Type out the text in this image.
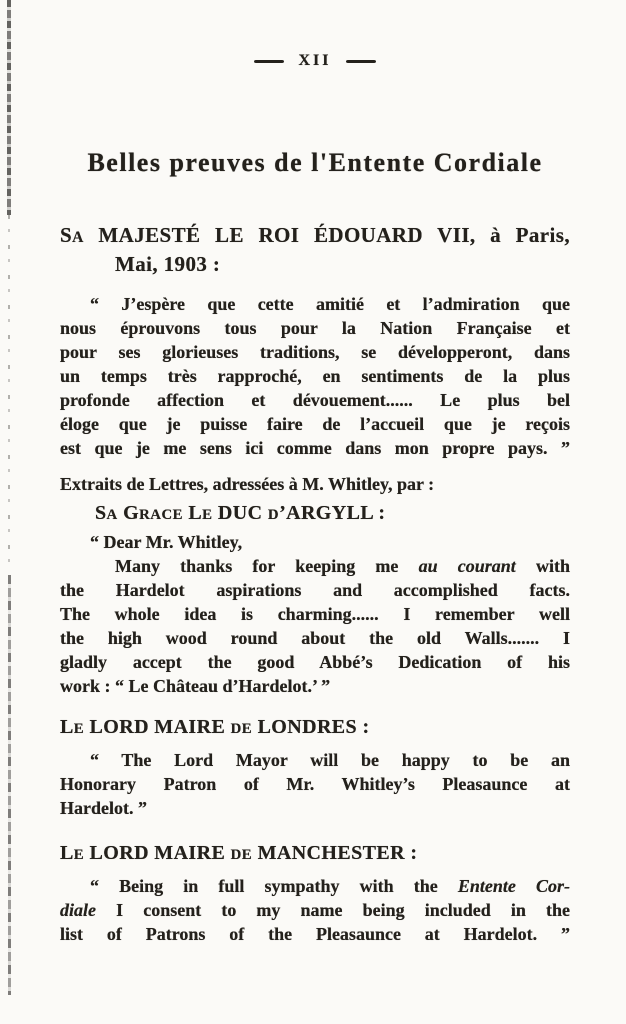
XII
Belles preuves de l'Entente Cordiale
SA MAJESTÉ LE ROI ÉDOUARD VII, à Paris,
Mai, 1903 :
“ J’espère que cette amitié et l’admiration que
nous éprouvons tous pour la Nation Française et
pour ses glorieuses traditions, se développeront, dans
un temps très rapproché, en sentiments de la plus
profonde affection et dévouement...... Le plus bel
éloge que je puisse faire de l’accueil que je reçois
est que je me sens ici comme dans mon propre pays. ”
Extraits de Lettres, adressées à M. Whitley, par :
SA GRACE LE DUC D’ARGYLL :
“ Dear Mr. Whitley,
Many thanks for keeping me au courant with
the Hardelot aspirations and accomplished facts.
The whole idea is charming...... I remember well
the high wood round about the old Walls....... I
gladly accept the good Abbé’s Dedication of his
work : “ Le Château d’Hardelot.’ ”
LE LORD MAIRE DE LONDRES :
“ The Lord Mayor will be happy to be an
Honorary Patron of Mr. Whitley’s Pleasaunce at
Hardelot. ”
LE LORD MAIRE DE MANCHESTER :
“ Being in full sympathy with the Entente Cor-
diale I consent to my name being included in the
list of Patrons of the Pleasaunce at Hardelot. ”
